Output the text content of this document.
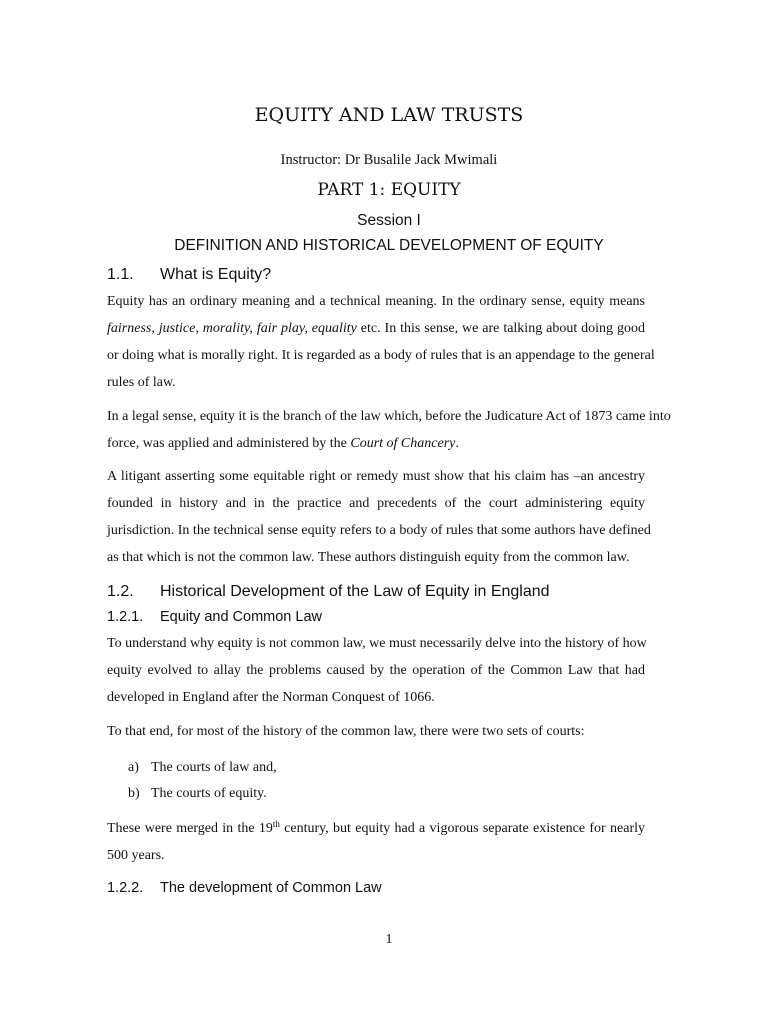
EQUITY AND LAW TRUSTS
Instructor: Dr Busalile Jack Mwimali
PART 1: EQUITY
Session I
DEFINITION AND HISTORICAL DEVELOPMENT OF EQUITY
1.1. What is Equity?
Equity has an ordinary meaning and a technical meaning. In the ordinary sense, equity means
fairness, justice, morality, fair play, equality etc. In this sense, we are talking about doing good
or doing what is morally right. It is regarded as a body of rules that is an appendage to the general
rules of law.
In a legal sense, equity it is the branch of the law which, before the Judicature Act of 1873 came into
force, was applied and administered by the Court of Chancery.
A litigant asserting some equitable right or remedy must show that his claim has –an ancestry
founded in history and in the practice and precedents of the court administering equity
jurisdiction. In the technical sense equity refers to a body of rules that some authors have defined
as that which is not the common law. These authors distinguish equity from the common law.
1.2. Historical Development of the Law of Equity in England
1.2.1. Equity and Common Law
To understand why equity is not common law, we must necessarily delve into the history of how
equity evolved to allay the problems caused by the operation of the Common Law that had
developed in England after the Norman Conquest of 1066.
To that end, for most of the history of the common law, there were two sets of courts:
a) The courts of law and,
b) The courts of equity.
These were merged in the 19th century, but equity had a vigorous separate existence for nearly
500 years.
1.2.2. The development of Common Law
1
